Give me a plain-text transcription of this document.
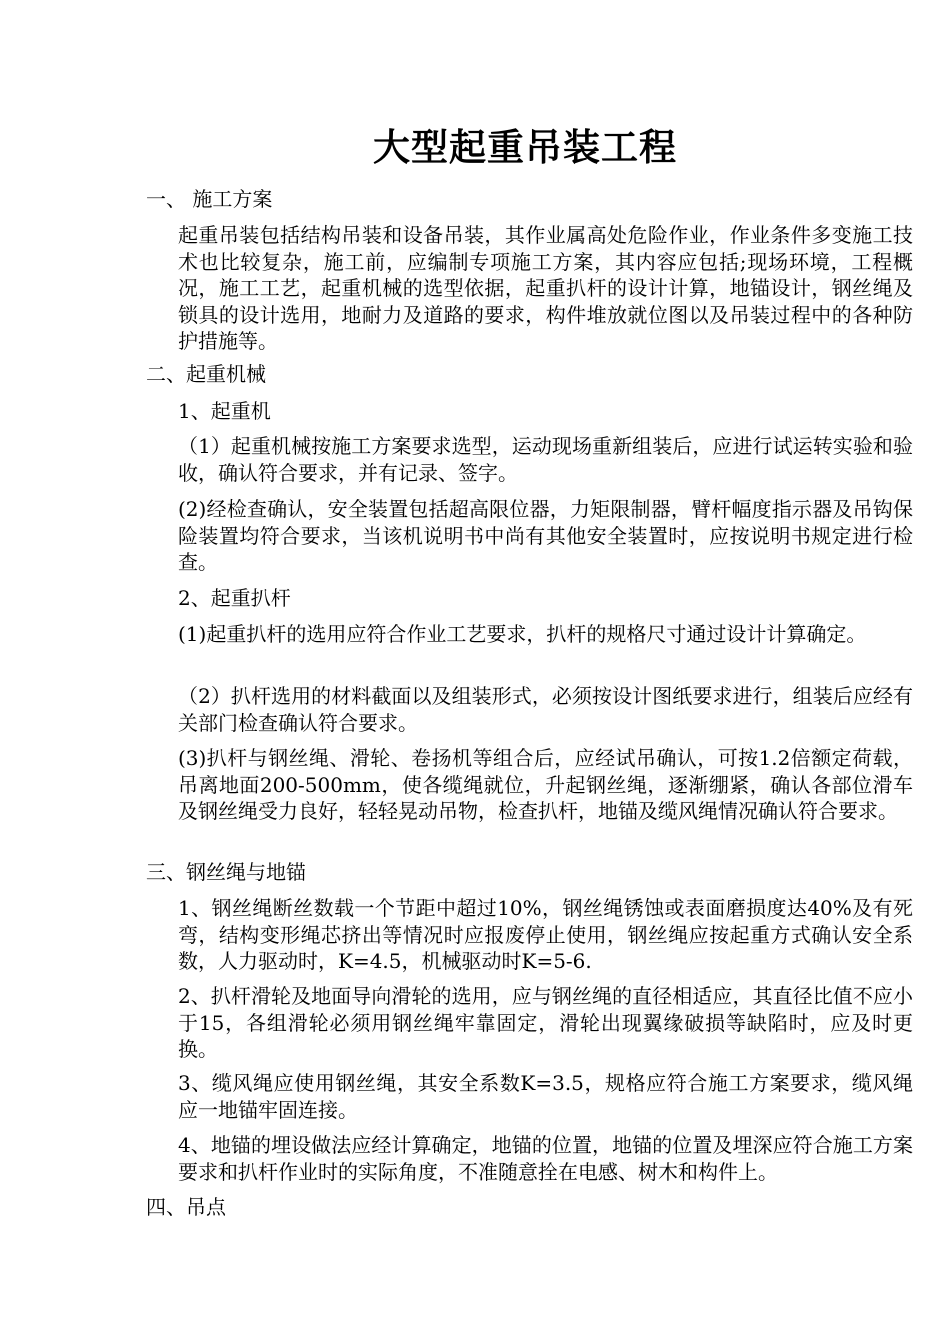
大型起重吊装工程
一、 施工方案
起重吊装包括结构吊装和设备吊装，其作业属高处危险作业，作业条件多变施工技术也比较复杂，施工前，应编制专项施工方案，其内容应包括;现场环境，工程概况，施工工艺，起重机械的选型依据，起重扒杆的设计计算，地锚设计，钢丝绳及锁具的设计选用，地耐力及道路的要求，构件堆放就位图以及吊装过程中的各种防护措施等。
二、起重机械
1、起重机
（1）起重机械按施工方案要求选型，运动现场重新组装后，应进行试运转实验和验收，确认符合要求，并有记录、签字。
(2)经检查确认，安全装置包括超高限位器，力矩限制器，臂杆幅度指示器及吊钩保险装置均符合要求，当该机说明书中尚有其他安全装置时，应按说明书规定进行检查。
2、起重扒杆
(1)起重扒杆的选用应符合作业工艺要求，扒杆的规格尺寸通过设计计算确定。
（2）扒杆选用的材料截面以及组装形式，必须按设计图纸要求进行，组装后应经有关部门检查确认符合要求。
(3)扒杆与钢丝绳、滑轮、卷扬机等组合后，应经试吊确认，可按1.2倍额定荷载，吊离地面200-500mm，使各缆绳就位，升起钢丝绳，逐渐绷紧，确认各部位滑车及钢丝绳受力良好，轻轻晃动吊物，检查扒杆，地锚及缆风绳情况确认符合要求。
三、钢丝绳与地锚
1、钢丝绳断丝数载一个节距中超过10%，钢丝绳锈蚀或表面磨损度达40%及有死弯，结构变形绳芯挤出等情况时应报废停止使用，钢丝绳应按起重方式确认安全系数，人力驱动时，K=4.5，机械驱动时K=5-6.
2、扒杆滑轮及地面导向滑轮的选用，应与钢丝绳的直径相适应，其直径比值不应小于15，各组滑轮必须用钢丝绳牢靠固定，滑轮出现翼缘破损等缺陷时，应及时更换。
3、缆风绳应使用钢丝绳，其安全系数K=3.5，规格应符合施工方案要求，缆风绳应一地锚牢固连接。
4、地锚的埋设做法应经计算确定，地锚的位置，地锚的位置及埋深应符合施工方案要求和扒杆作业时的实际角度，不准随意拴在电感、树木和构件上。
四、吊点
